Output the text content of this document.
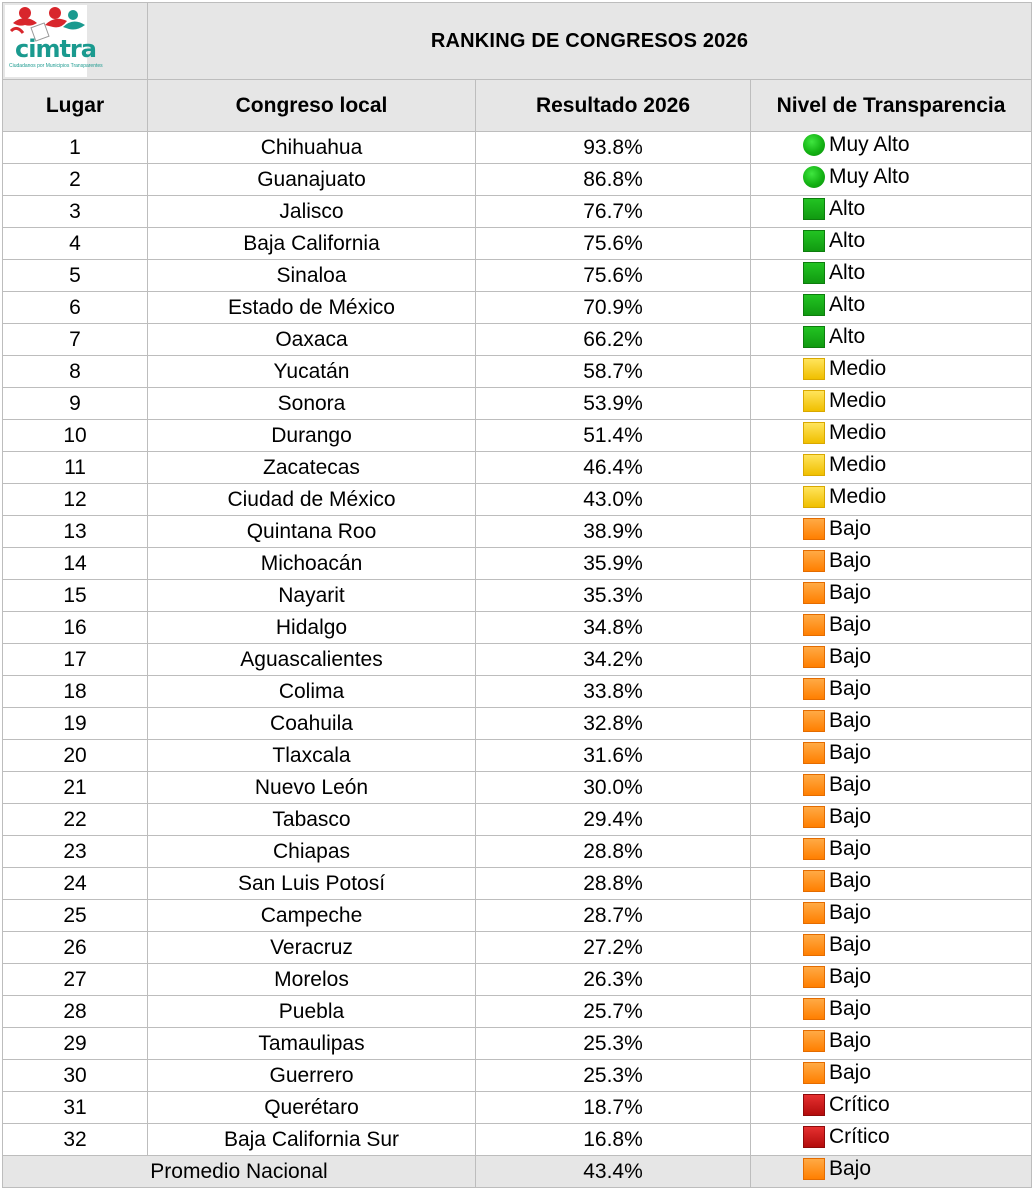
cimtra
Ciudadanos por Municipios Transparentes	RANKING DE CONGRESOS 2026		
Lugar	Congreso local	Resultado 2026	Nivel de Transparencia
1	Chihuahua	93.8%	Muy Alto

2	Guanajuato	86.8%	Muy Alto

3	Jalisco	76.7%	Alto

4	Baja California	75.6%	Alto

5	Sinaloa	75.6%	Alto

6	Estado de México	70.9%	Alto

7	Oaxaca	66.2%	Alto

8	Yucatán	58.7%	Medio

9	Sonora	53.9%	Medio

10	Durango	51.4%	Medio

11	Zacatecas	46.4%	Medio

12	Ciudad de México	43.0%	Medio

13	Quintana Roo	38.9%	Bajo

14	Michoacán	35.9%	Bajo

15	Nayarit	35.3%	Bajo

16	Hidalgo	34.8%	Bajo

17	Aguascalientes	34.2%	Bajo

18	Colima	33.8%	Bajo

19	Coahuila	32.8%	Bajo

20	Tlaxcala	31.6%	Bajo

21	Nuevo León	30.0%	Bajo

22	Tabasco	29.4%	Bajo

23	Chiapas	28.8%	Bajo

24	San Luis Potosí	28.8%	Bajo

25	Campeche	28.7%	Bajo

26	Veracruz	27.2%	Bajo

27	Morelos	26.3%	Bajo

28	Puebla	25.7%	Bajo

29	Tamaulipas	25.3%	Bajo

30	Guerrero	25.3%	Bajo

31	Querétaro	18.7%	Crítico

32	Baja California Sur	16.8%	Crítico

Promedio Nacional		43.4%	Bajo
